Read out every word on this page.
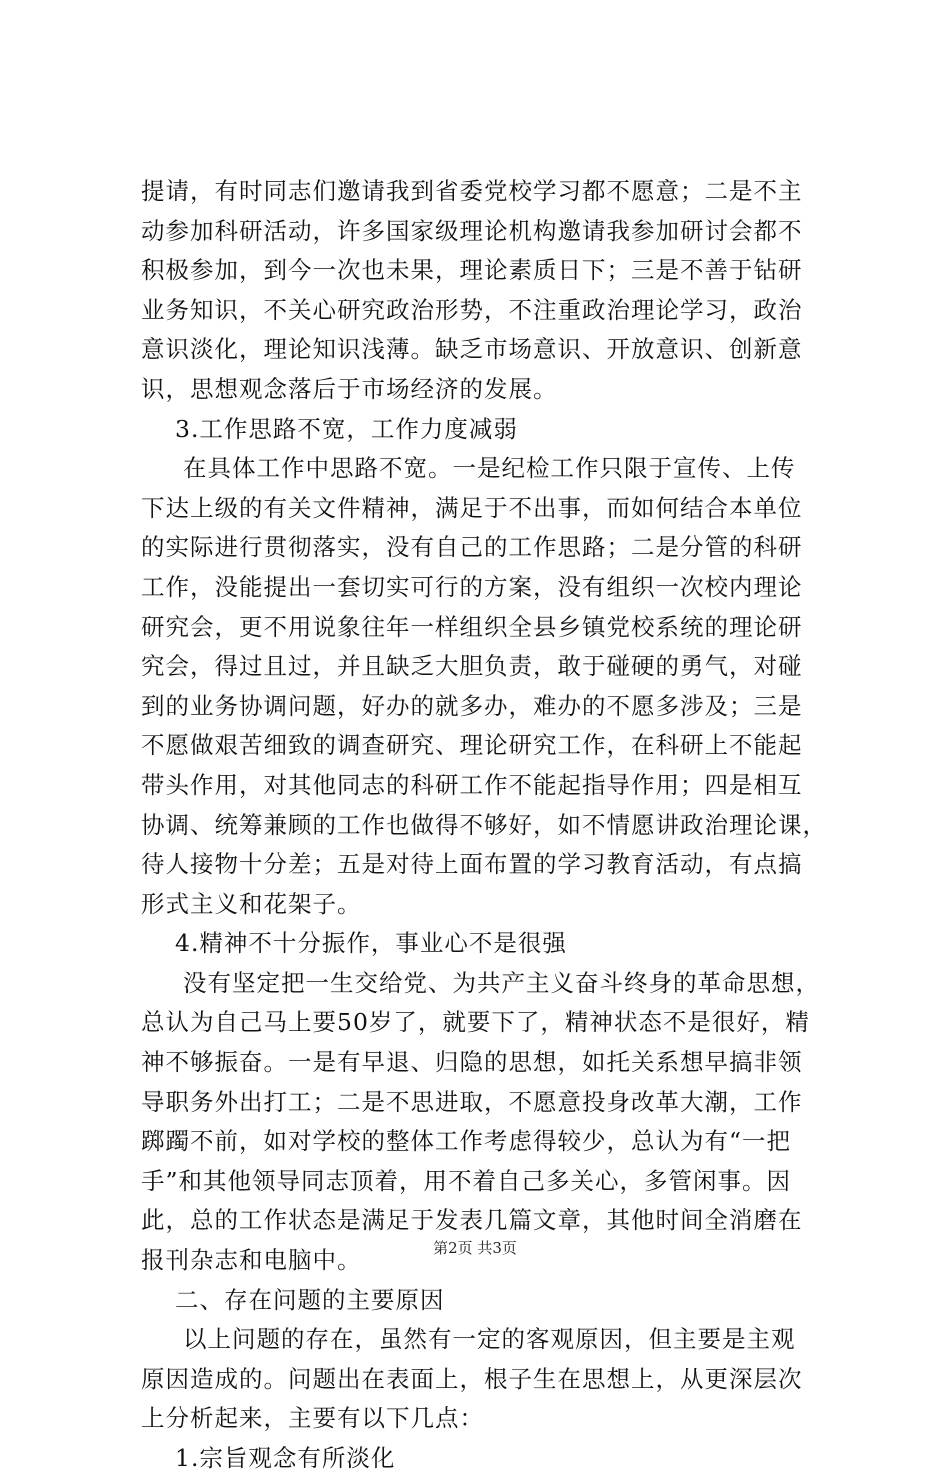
提请，有时同志们邀请我到省委党校学习都不愿意；二是不主
动参加科研活动，许多国家级理论机构邀请我参加研讨会都不
积极参加，到今一次也未果，理论素质日下；三是不善于钻研
业务知识，不关心研究政治形势，不注重政治理论学习，政治
意识淡化，理论知识浅薄。缺乏市场意识、开放意识、创新意
识，思想观念落后于市场经济的发展。
3.工作思路不宽，工作力度减弱
在具体工作中思路不宽。一是纪检工作只限于宣传、上传
下达上级的有关文件精神，满足于不出事，而如何结合本单位
的实际进行贯彻落实，没有自己的工作思路；二是分管的科研
工作，没能提出一套切实可行的方案，没有组织一次校内理论
研究会，更不用说象往年一样组织全县乡镇党校系统的理论研
究会，得过且过，并且缺乏大胆负责，敢于碰硬的勇气，对碰
到的业务协调问题，好办的就多办，难办的不愿多涉及；三是
不愿做艰苦细致的调查研究、理论研究工作，在科研上不能起
带头作用，对其他同志的科研工作不能起指导作用；四是相互
协调、统筹兼顾的工作也做得不够好，如不情愿讲政治理论课，
待人接物十分差；五是对待上面布置的学习教育活动，有点搞
形式主义和花架子。
4.精神不十分振作，事业心不是很强
没有坚定把一生交给党、为共产主义奋斗终身的革命思想，
总认为自己马上要50岁了，就要下了，精神状态不是很好，精
神不够振奋。一是有早退、归隐的思想，如托关系想早搞非领
导职务外出打工；二是不思进取，不愿意投身改革大潮，工作
踯躅不前，如对学校的整体工作考虑得较少，总认为有“一把
手”和其他领导同志顶着，用不着自己多关心，多管闲事。因
此，总的工作状态是满足于发表几篇文章，其他时间全消磨在
报刊杂志和电脑中。
二、存在问题的主要原因
以上问题的存在，虽然有一定的客观原因，但主要是主观
原因造成的。问题出在表面上，根子生在思想上，从更深层次
上分析起来，主要有以下几点：
1.宗旨观念有所淡化
第2页 共3页
